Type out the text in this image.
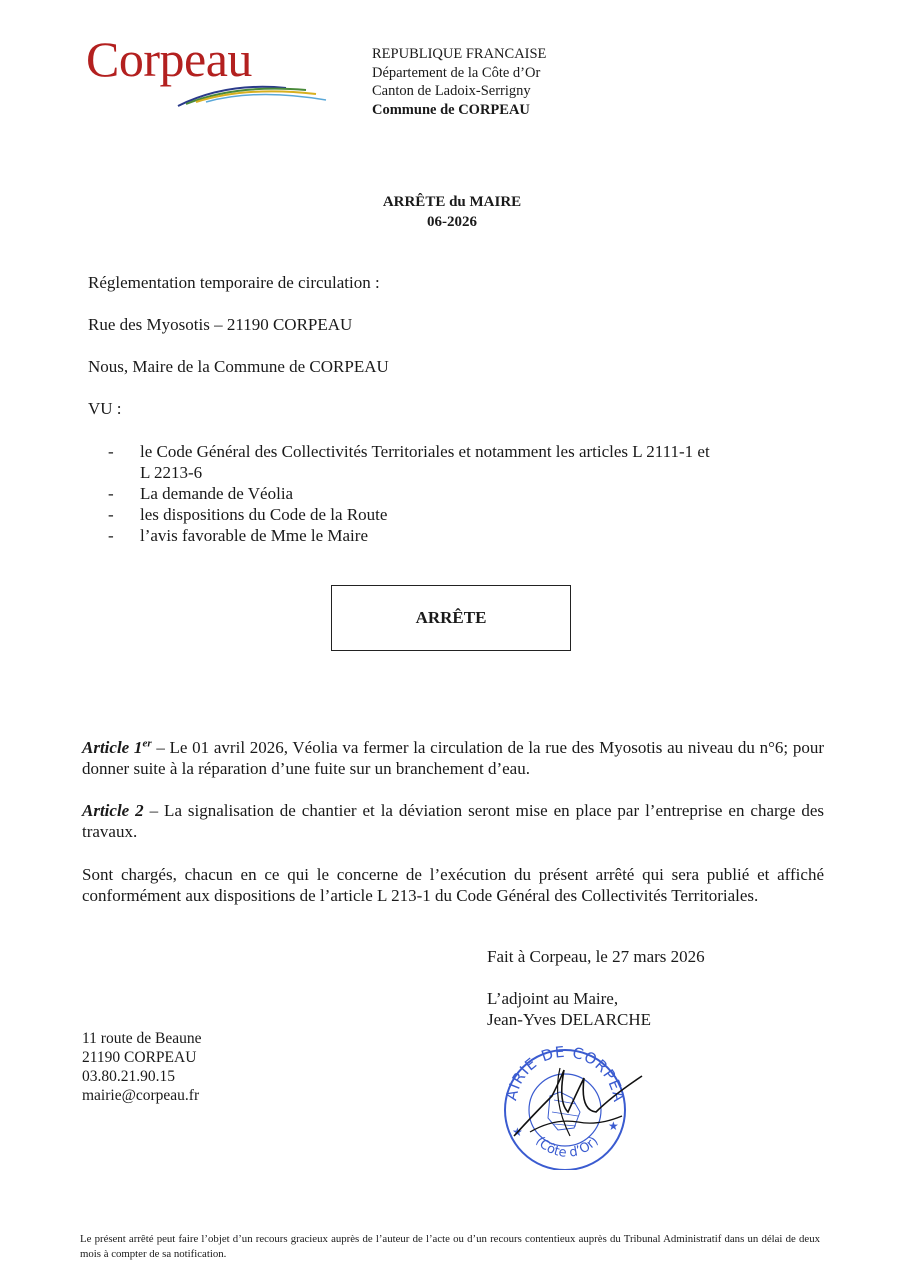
Corpeau	REPUBLIQUE FRANCAISE
Département de la Côte d’Or
Canton de Ladoix-Serrigny
Commune de CORPEAU
ARRÊTE du MAIRE
06-2026
Réglementation temporaire de circulation :
Rue des Myosotis – 21190 CORPEAU
Nous, Maire de la Commune de CORPEAU
VU :
- le Code Général des Collectivités Territoriales et notamment les articles L 2111-1 et
L 2213-6
- La demande de Véolia
- les dispositions du Code de la Route
- l’avis favorable de Mme le Maire
ARRÊTE
Article 1er – Le 01 avril 2026, Véolia va fermer la circulation de la rue des Myosotis au niveau du n°6; pour donner suite à la réparation d’une fuite sur un branchement d’eau.
Article 2 – La signalisation de chantier et la déviation seront mise en place par l’entreprise en charge des travaux.
Sont chargés, chacun en ce qui le concerne de l’exécution du présent arrêté qui sera publié et affiché conformément aux dispositions de l’article L 213-1 du Code Général des Collectivités Territoriales.
Fait à Corpeau, le 27 mars 2026
L’adjoint au Maire,
Jean-Yves DELARCHE
11 route de Beaune
21190 CORPEAU
03.80.21.90.15
mairie@corpeau.fr	AIRIE DE CORPEA
(Côte d’Or)
★	★
Le présent arrêté peut faire l’objet d’un recours gracieux auprès de l’auteur de l’acte ou d’un recours contentieux auprès du Tribunal Administratif dans un délai de deux mois à compter de sa notification.
